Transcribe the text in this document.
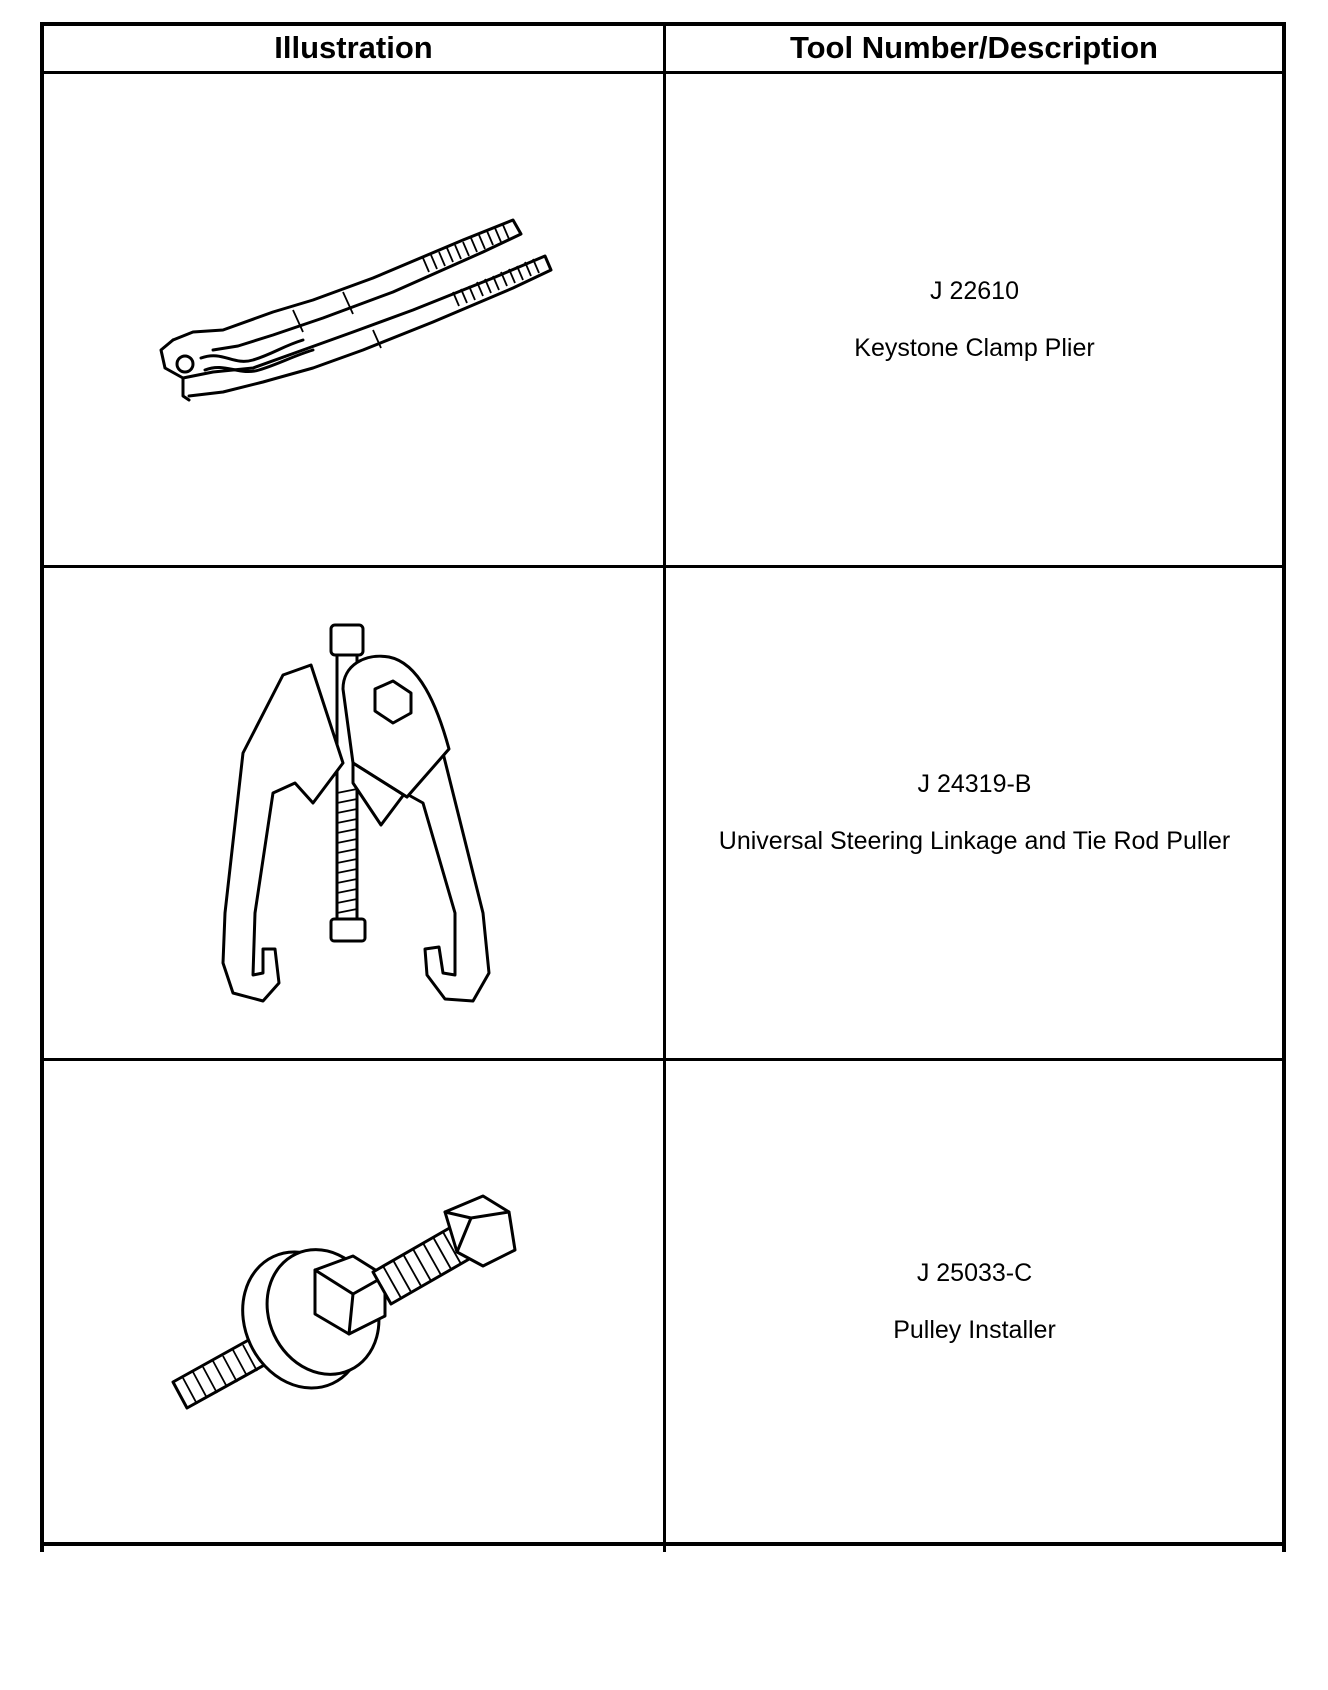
Illustration	Tool Number/Description
J 22610
Keystone Clamp Plier
J 24319-B
Universal Steering Linkage and Tie Rod Puller
J 25033-C
Pulley Installer
